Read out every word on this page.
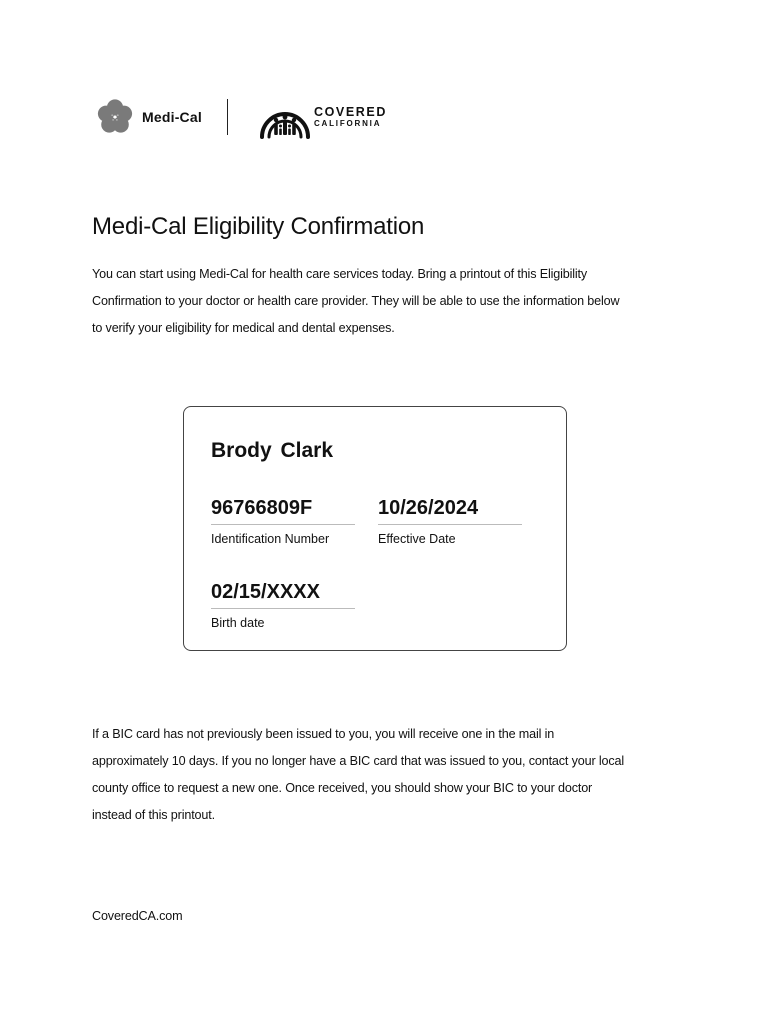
Medi-Cal	COVERED
CALIFORNIA
Medi-Cal Eligibility Confirmation

You can start using Medi-Cal for health care services today. Bring a printout of this Eligibility Confirmation to your doctor or health care provider. They will be able to use the information below to verify your eligibility for medical and dental expenses.

Brody Clark
96766809F
Identification Number
10/26/2024
Effective Date
02/15/XXXX
Birth date

If a BIC card has not previously been issued to you, you will receive one in the mail in approximately 10 days. If you no longer have a BIC card that was issued to you, contact your local county office to request a new one. Once received, you should show your BIC to your doctor instead of this printout.

CoveredCA.com
